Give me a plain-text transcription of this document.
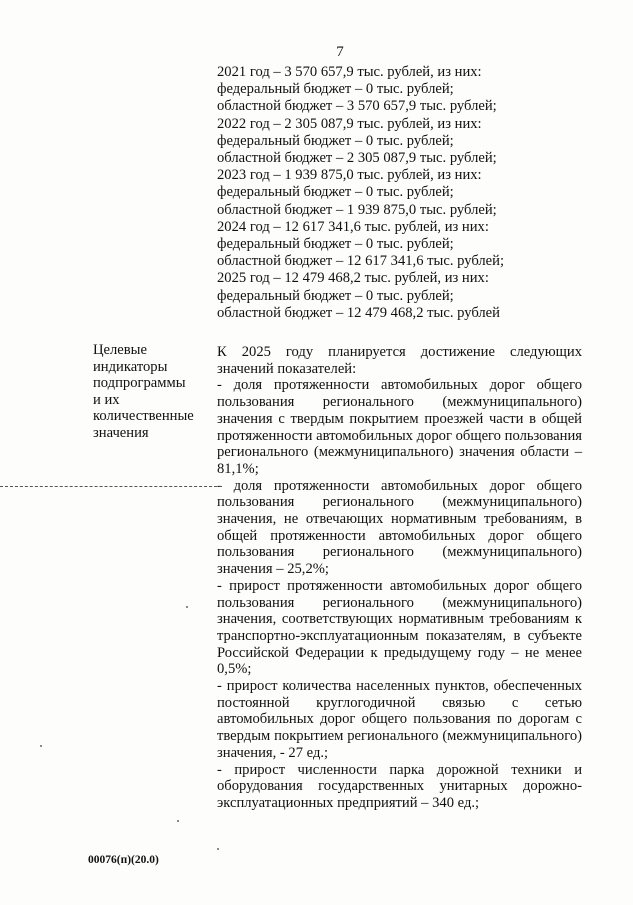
7
2021 год – 3 570 657,9 тыс. рублей, из них:
федеральный бюджет – 0 тыс. рублей;
областной бюджет – 3 570 657,9 тыс. рублей;
2022 год – 2 305 087,9 тыс. рублей, из них:
федеральный бюджет – 0 тыс. рублей;
областной бюджет – 2 305 087,9 тыс. рублей;
2023 год – 1 939 875,0 тыс. рублей, из них:
федеральный бюджет – 0 тыс. рублей;
областной бюджет – 1 939 875,0 тыс. рублей;
2024 год – 12 617 341,6 тыс. рублей, из них:
федеральный бюджет – 0 тыс. рублей;
областной бюджет – 12 617 341,6 тыс. рублей;
2025 год – 12 479 468,2 тыс. рублей, из них:
федеральный бюджет – 0 тыс. рублей;
областной бюджет – 12 479 468,2 тыс. рублей
Целевые
индикаторы
подпрограммы
и их
количественные
значения

К 2025 году планируется достижение следующих значений показателей:

- доля протяженности автомобильных дорог общего пользования регионального (межмуниципального) значения с твердым покрытием проезжей части в общей протяженности автомобильных дорог общего пользования регионального (межмуниципального) значения области – 81,1%;

- доля протяженности автомобильных дорог общего пользования регионального (межмуниципального) значения, не отвечающих нормативным требованиям, в общей протяженности автомобильных дорог общего пользования регионального (межмуниципального) значения – 25,2%;

- прирост протяженности автомобильных дорог общего пользования регионального (межмуниципального) значения, соответствующих нормативным требованиям к транспортно-эксплуатационным показателям, в субъекте Российской Федерации к предыдущему году – не менее 0,5%;

- прирост количества населенных пунктов, обеспеченных постоянной круглогодичной связью с сетью автомобильных дорог общего пользования по дорогам с твердым покрытием регионального (межмуниципального) значения, - 27 ед.;

- прирост численности парка дорожной техники и оборудования государственных унитарных дорожно-эксплуатационных предприятий – 340 ед.;

00076(п)(20.0)
